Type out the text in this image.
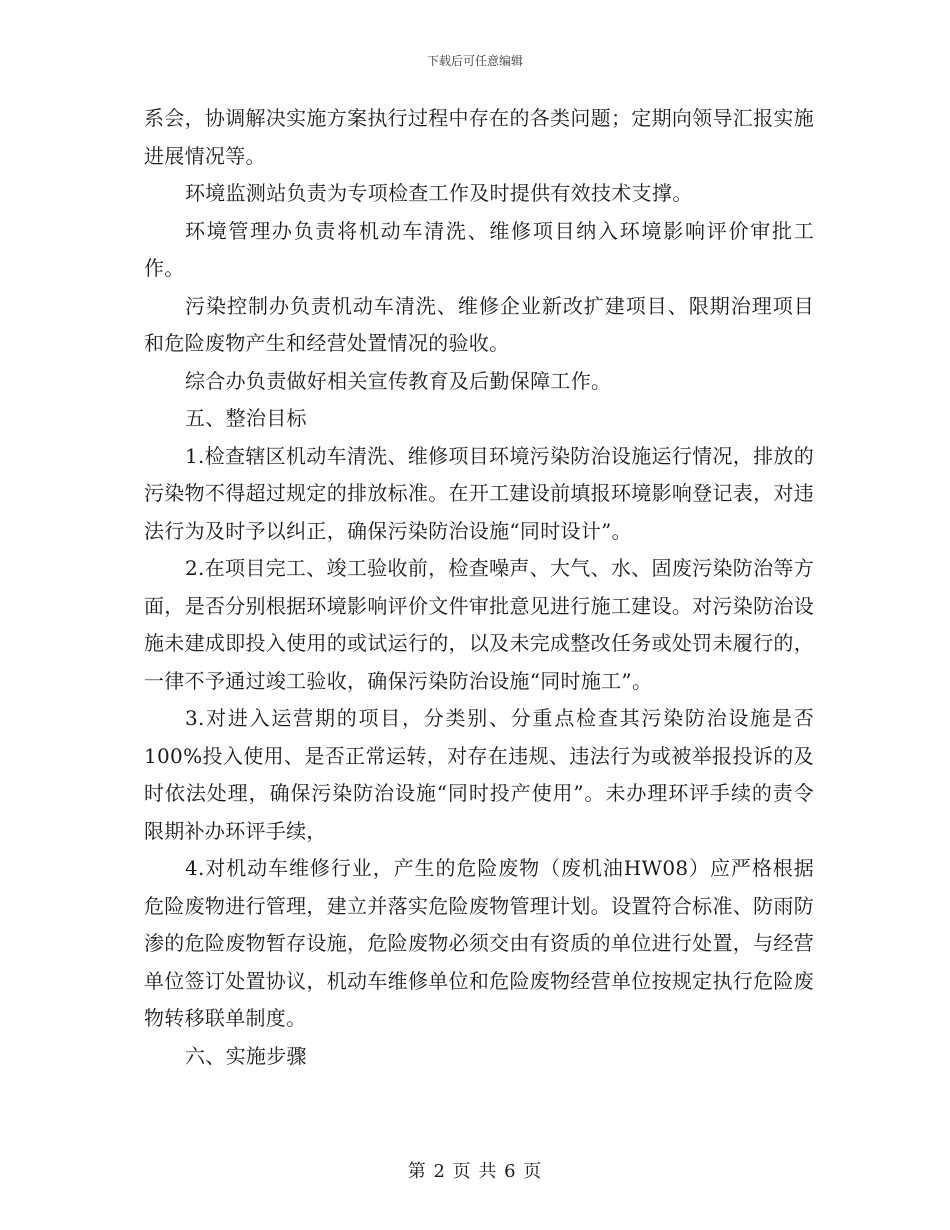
下载后可任意编辑

系会，协调解决实施方案执行过程中存在的各类问题；定期向领导汇报实施进展情况等。

环境监测站负责为专项检查工作及时提供有效技术支撑。

环境管理办负责将机动车清洗、维修项目纳入环境影响评价审批工作。

污染控制办负责机动车清洗、维修企业新改扩建项目、限期治理项目和危险废物产生和经营处置情况的验收。

综合办负责做好相关宣传教育及后勤保障工作。

五、整治目标

1.检查辖区机动车清洗、维修项目环境污染防治设施运行情况，排放的污染物不得超过规定的排放标准。在开工建设前填报环境影响登记表，对违法行为及时予以纠正，确保污染防治设施“同时设计”。

2.在项目完工、竣工验收前，检查噪声、大气、水、固废污染防治等方面，是否分别根据环境影响评价文件审批意见进行施工建设。对污染防治设施未建成即投入使用的或试运行的，以及未完成整改任务或处罚未履行的，一律不予通过竣工验收，确保污染防治设施“同时施工”。

3.对进入运营期的项目，分类别、分重点检查其污染防治设施是否100%投入使用、是否正常运转，对存在违规、违法行为或被举报投诉的及时依法处理，确保污染防治设施“同时投产使用”。未办理环评手续的责令限期补办环评手续，

4.对机动车维修行业，产生的危险废物（废机油HW08）应严格根据危险废物进行管理，建立并落实危险废物管理计划。设置符合标准、防雨防渗的危险废物暂存设施，危险废物必须交由有资质的单位进行处置，与经营单位签订处置协议，机动车维修单位和危险废物经营单位按规定执行危险废物转移联单制度。

六、实施步骤

第 2 页 共 6 页
